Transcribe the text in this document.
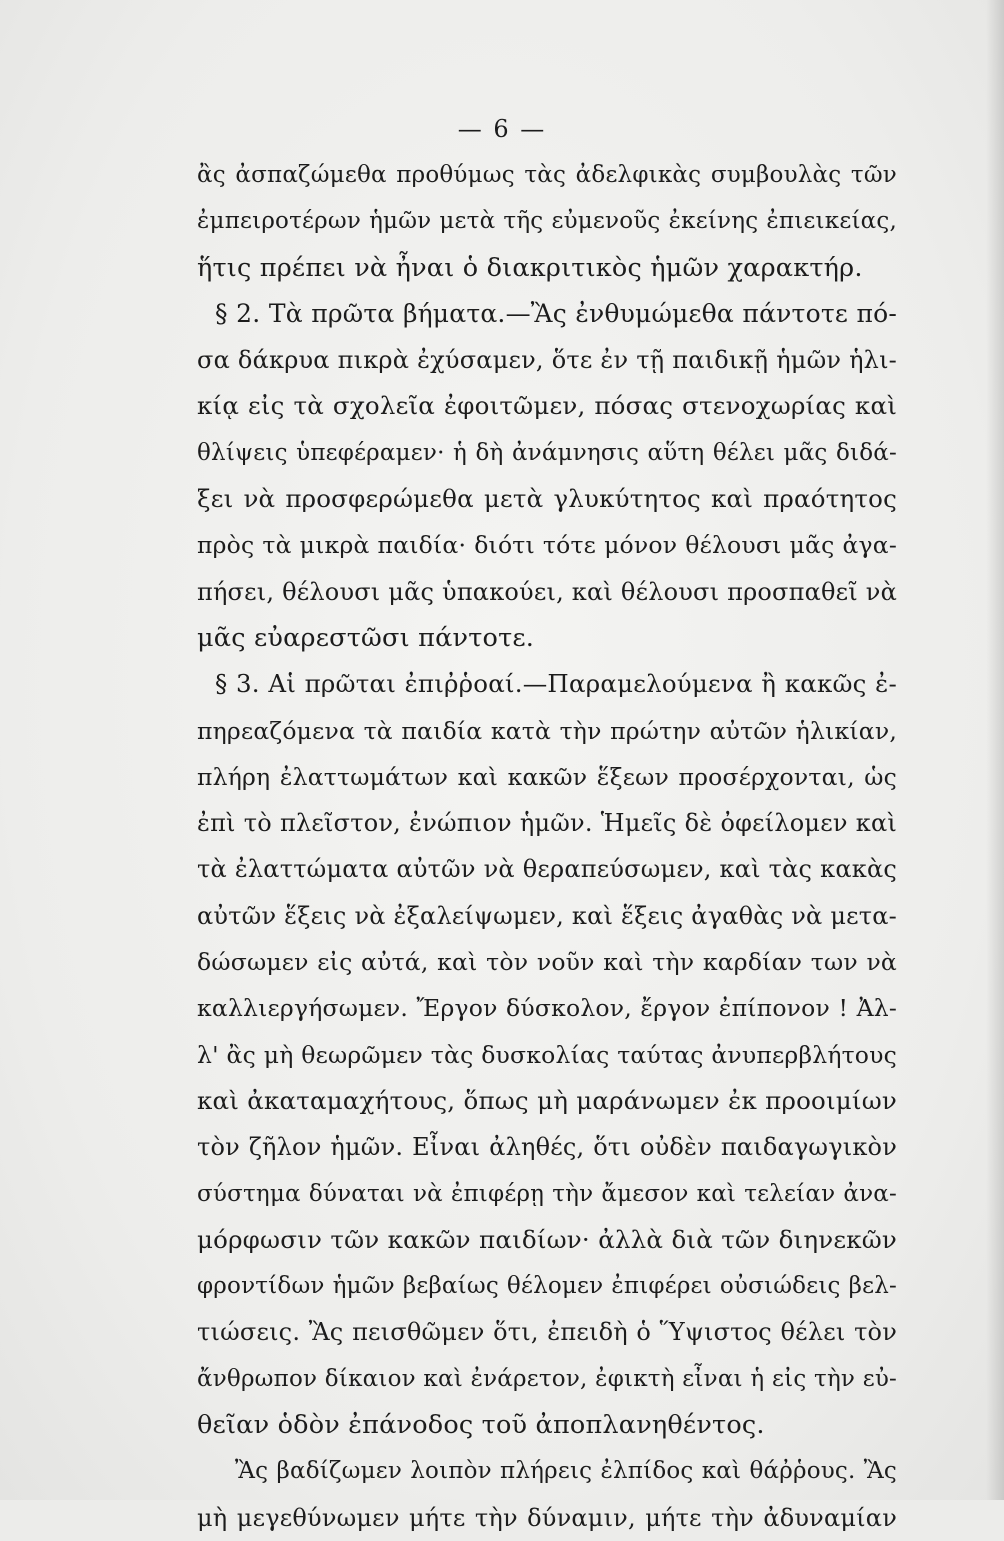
— 6 —
ἂς ἀσπαζώμεθα προθύμως τὰς ἀδελφικὰς συμβουλὰς τῶν
ἐμπειροτέρων ἡμῶν μετὰ τῆς εὐμενοῦς ἐκείνης ἐπιεικείας,
ἥτις πρέπει νὰ ἦναι ὁ διακριτικὸς ἡμῶν χαρακτήρ.
§ 2. Τὰ πρῶτα βήματα.—Ἂς ἐνθυμώμεθα πάντοτε πό-
σα δάκρυα πικρὰ ἐχύσαμεν, ὅτε ἐν τῇ παιδικῇ ἡμῶν ἡλι-
κίᾳ εἰς τὰ σχολεῖα ἐφοιτῶμεν, πόσας στενοχωρίας καὶ
θλίψεις ὑπεφέραμεν· ἡ δὴ ἀνάμνησις αὕτη θέλει μᾶς διδά-
ξει νὰ προσφερώμεθα μετὰ γλυκύτητος καὶ πραότητος
πρὸς τὰ μικρὰ παιδία· διότι τότε μόνον θέλουσι μᾶς ἀγα-
πήσει, θέλουσι μᾶς ὑπακούει, καὶ θέλουσι προσπαθεῖ νὰ
μᾶς εὐαρεστῶσι πάντοτε.
§ 3. Αἱ πρῶται ἐπιῤῥοαί.—Παραμελούμενα ἢ κακῶς ἐ-
πηρεαζόμενα τὰ παιδία κατὰ τὴν πρώτην αὐτῶν ἡλικίαν,
πλήρη ἐλαττωμάτων καὶ κακῶν ἕξεων προσέρχονται, ὡς
ἐπὶ τὸ πλεῖστον, ἐνώπιον ἡμῶν. Ἡμεῖς δὲ ὀφείλομεν καὶ
τὰ ἐλαττώματα αὐτῶν νὰ θεραπεύσωμεν, καὶ τὰς κακὰς
αὐτῶν ἕξεις νὰ ἐξαλείψωμεν, καὶ ἕξεις ἀγαθὰς νὰ μετα-
δώσωμεν εἰς αὐτά, καὶ τὸν νοῦν καὶ τὴν καρδίαν των νὰ
καλλιεργήσωμεν. Ἔργον δύσκολον, ἔργον ἐπίπονον ! Ἀλ-
λ' ἂς μὴ θεωρῶμεν τὰς δυσκολίας ταύτας ἀνυπερβλήτους
καὶ ἀκαταμαχήτους, ὅπως μὴ μαράνωμεν ἐκ προοιμίων
τὸν ζῆλον ἡμῶν. Εἶναι ἀληθές, ὅτι οὐδὲν παιδαγωγικὸν
σύστημα δύναται νὰ ἐπιφέρῃ τὴν ἄμεσον καὶ τελείαν ἀνα-
μόρφωσιν τῶν κακῶν παιδίων· ἀλλὰ διὰ τῶν διηνεκῶν
φροντίδων ἡμῶν βεβαίως θέλομεν ἐπιφέρει οὐσιώδεις βελ-
τιώσεις. Ἂς πεισθῶμεν ὅτι, ἐπειδὴ ὁ Ὕψιστος θέλει τὸν
ἄνθρωπον δίκαιον καὶ ἐνάρετον, ἐφικτὴ εἶναι ἡ εἰς τὴν εὐ-
θεῖαν ὁδὸν ἐπάνοδος τοῦ ἀποπλανηθέντος.
Ἂς βαδίζωμεν λοιπὸν πλήρεις ἐλπίδος καὶ θάῤῥους. Ἂς
μὴ μεγεθύνωμεν μήτε τὴν δύναμιν, μήτε τὴν ἀδυναμίαν
